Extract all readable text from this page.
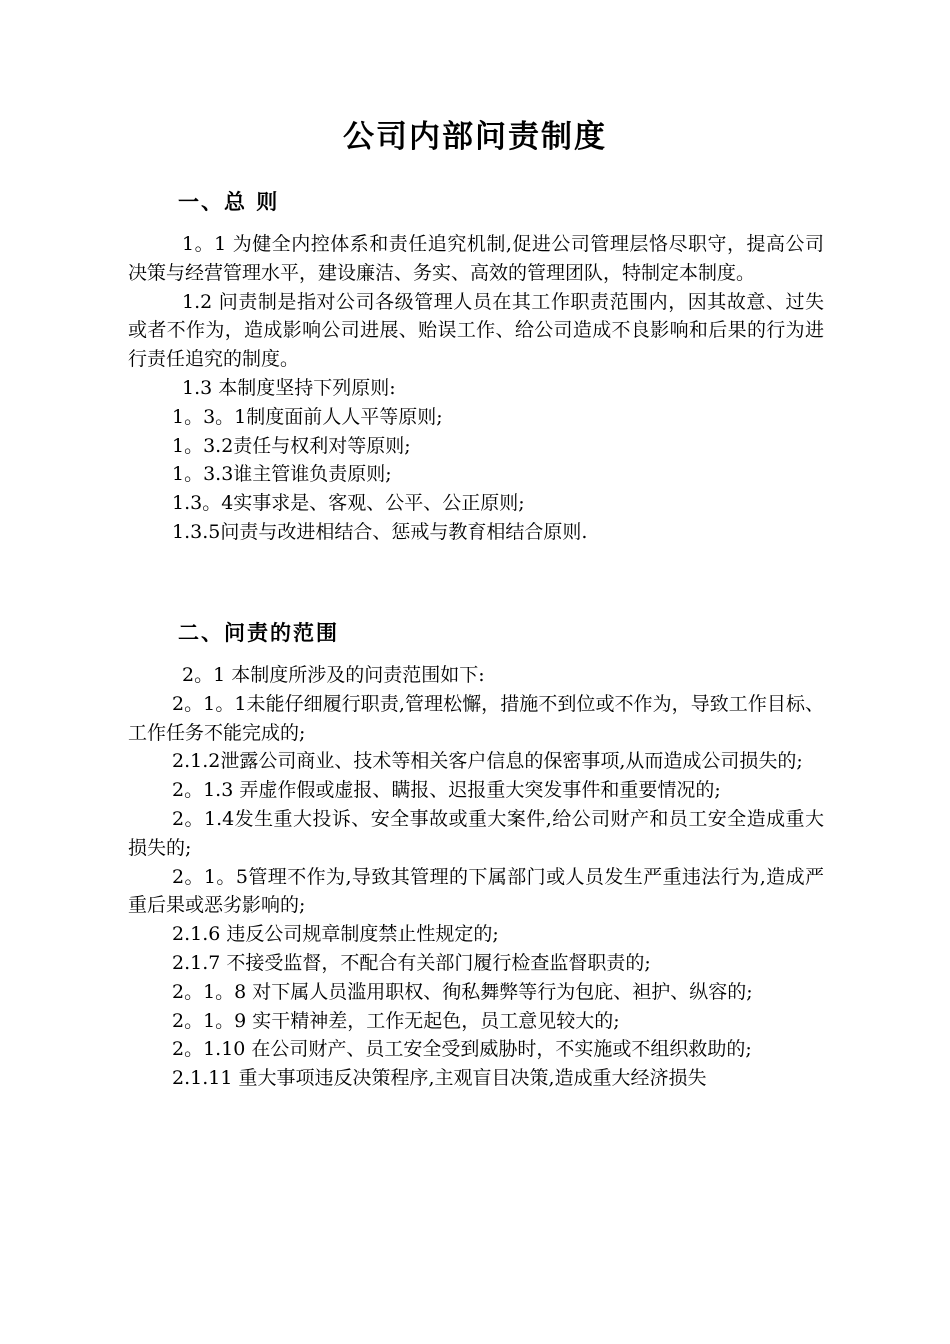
公司内部问责制度
一、总 则

1。1 为健全内控体系和责任追究机制,促进公司管理层恪尽职守，提高公司决策与经营管理水平，建设廉洁、务实、高效的管理团队，特制定本制度。

1.2 问责制是指对公司各级管理人员在其工作职责范围内，因其故意、过失或者不作为，造成影响公司进展、贻误工作、给公司造成不良影响和后果的行为进行责任追究的制度。

1.3 本制度坚持下列原则:

1。3。1制度面前人人平等原则;

1。3.2责任与权利对等原则;

1。3.3谁主管谁负责原则;

1.3。4实事求是、客观、公平、公正原则;

1.3.5问责与改进相结合、惩戒与教育相结合原则.

二、问责的范围

2。1 本制度所涉及的问责范围如下:

2。1。1未能仔细履行职责,管理松懈，措施不到位或不作为，导致工作目标、工作任务不能完成的;

2.1.2泄露公司商业、技术等相关客户信息的保密事项,从而造成公司损失的;

2。1.3 弄虚作假或虚报、瞒报、迟报重大突发事件和重要情况的;

2。1.4发生重大投诉、安全事故或重大案件,给公司财产和员工安全造成重大损失的;

2。1。5管理不作为,导致其管理的下属部门或人员发生严重违法行为,造成严重后果或恶劣影响的;

2.1.6 违反公司规章制度禁止性规定的;

2.1.7 不接受监督，不配合有关部门履行检查监督职责的;

2。1。8 对下属人员滥用职权、徇私舞弊等行为包庇、袒护、纵容的;

2。1。9 实干精神差，工作无起色，员工意见较大的;

2。1.10 在公司财产、员工安全受到威胁时，不实施或不组织救助的;

2.1.11 重大事项违反决策程序,主观盲目决策,造成重大经济损失
